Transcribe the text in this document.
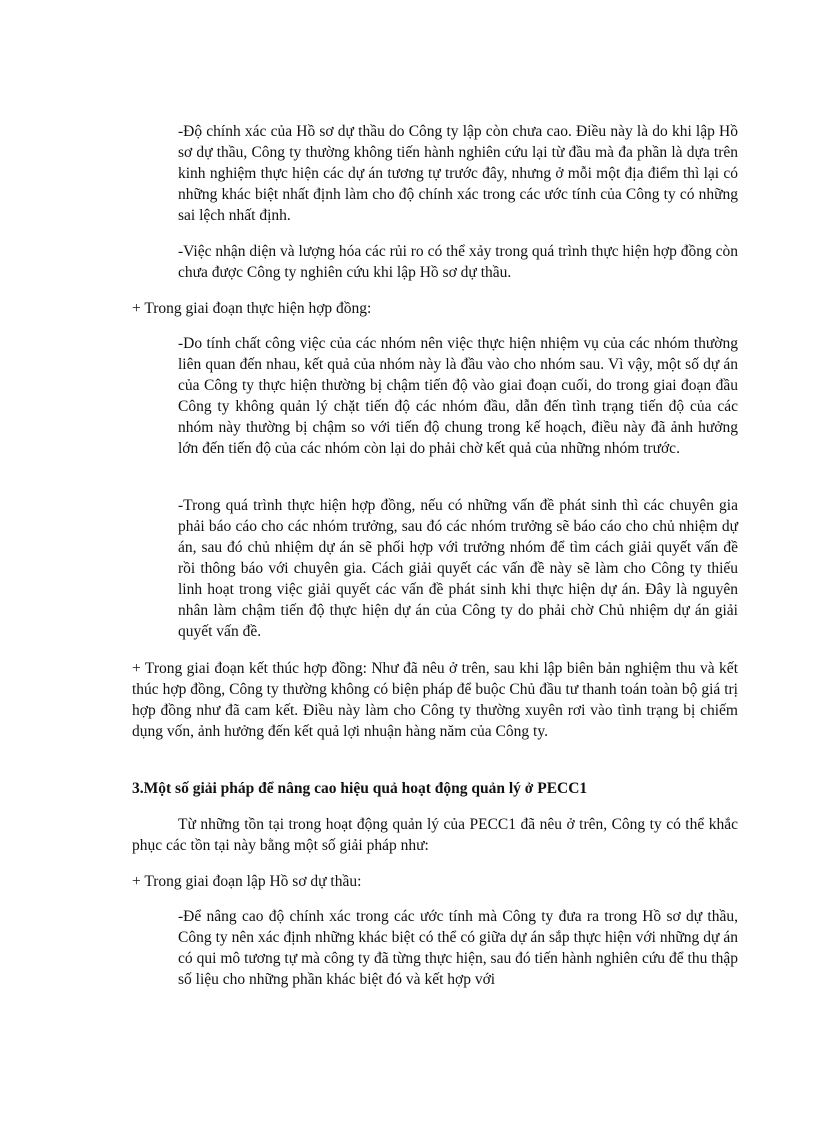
-Độ chính xác của Hồ sơ dự thầu do Công ty lập còn chưa cao. Điều này là do khi lập Hồ sơ dự thầu, Công ty thường không tiến hành nghiên cứu lại từ đầu mà đa phần là dựa trên kinh nghiệm thực hiện các dự án tương tự trước đây, nhưng ở mỗi một địa điểm thì lại có những khác biệt nhất định làm cho độ chính xác trong các ước tính của Công ty có những sai lệch nhất định.

-Việc nhận diện và lượng hóa các rủi ro có thể xảy trong quá trình thực hiện hợp đồng còn chưa được Công ty nghiên cứu khi lập Hồ sơ dự thầu.

+ Trong giai đoạn thực hiện hợp đồng:

-Do tính chất công việc của các nhóm nên việc thực hiện nhiệm vụ của các nhóm thường liên quan đến nhau, kết quả của nhóm này là đầu vào cho nhóm sau. Vì vậy, một số dự án của Công ty thực hiện thường bị chậm tiến độ vào giai đoạn cuối, do trong giai đoạn đầu Công ty không quản lý chặt tiến độ các nhóm đầu, dẫn đến tình trạng tiến độ của các nhóm này thường bị chậm so với tiến độ chung trong kế hoạch, điều này đã ảnh hưởng lớn đến tiến độ của các nhóm còn lại do phải chờ kết quả của những nhóm trước.

-Trong quá trình thực hiện hợp đồng, nếu có những vấn đề phát sinh thì các chuyên gia phải báo cáo cho các nhóm trưởng, sau đó các nhóm trưởng sẽ báo cáo cho chủ nhiệm dự án, sau đó chủ nhiệm dự án sẽ phối hợp với trưởng nhóm để tìm cách giải quyết vấn đề rồi thông báo với chuyên gia. Cách giải quyết các vấn đề này sẽ làm cho Công ty thiếu linh hoạt trong việc giải quyết các vấn đề phát sinh khi thực hiện dự án. Đây là nguyên nhân làm chậm tiến độ thực hiện dự án của Công ty do phải chờ Chủ nhiệm dự án giải quyết vấn đề.

+ Trong giai đoạn kết thúc hợp đồng: Như đã nêu ở trên, sau khi lập biên bản nghiệm thu và kết thúc hợp đồng, Công ty thường không có biện pháp để buộc Chủ đầu tư thanh toán toàn bộ giá trị hợp đồng như đã cam kết. Điều này làm cho Công ty thường xuyên rơi vào tình trạng bị chiếm dụng vốn, ảnh hưởng đến kết quả lợi nhuận hàng năm của Công ty.

3.Một số giải pháp để nâng cao hiệu quả hoạt động quản lý ở PECC1

Từ những tồn tại trong hoạt động quản lý của PECC1 đã nêu ở trên, Công ty có thể khắc phục các tồn tại này bằng một số giải pháp như:

+ Trong giai đoạn lập Hồ sơ dự thầu:

-Để nâng cao độ chính xác trong các ước tính mà Công ty đưa ra trong Hồ sơ dự thầu, Công ty nên xác định những khác biệt có thể có giữa dự án sắp thực hiện với những dự án có qui mô tương tự mà công ty đã từng thực hiện, sau đó tiến hành nghiên cứu để thu thập số liệu cho những phần khác biệt đó và kết hợp với
